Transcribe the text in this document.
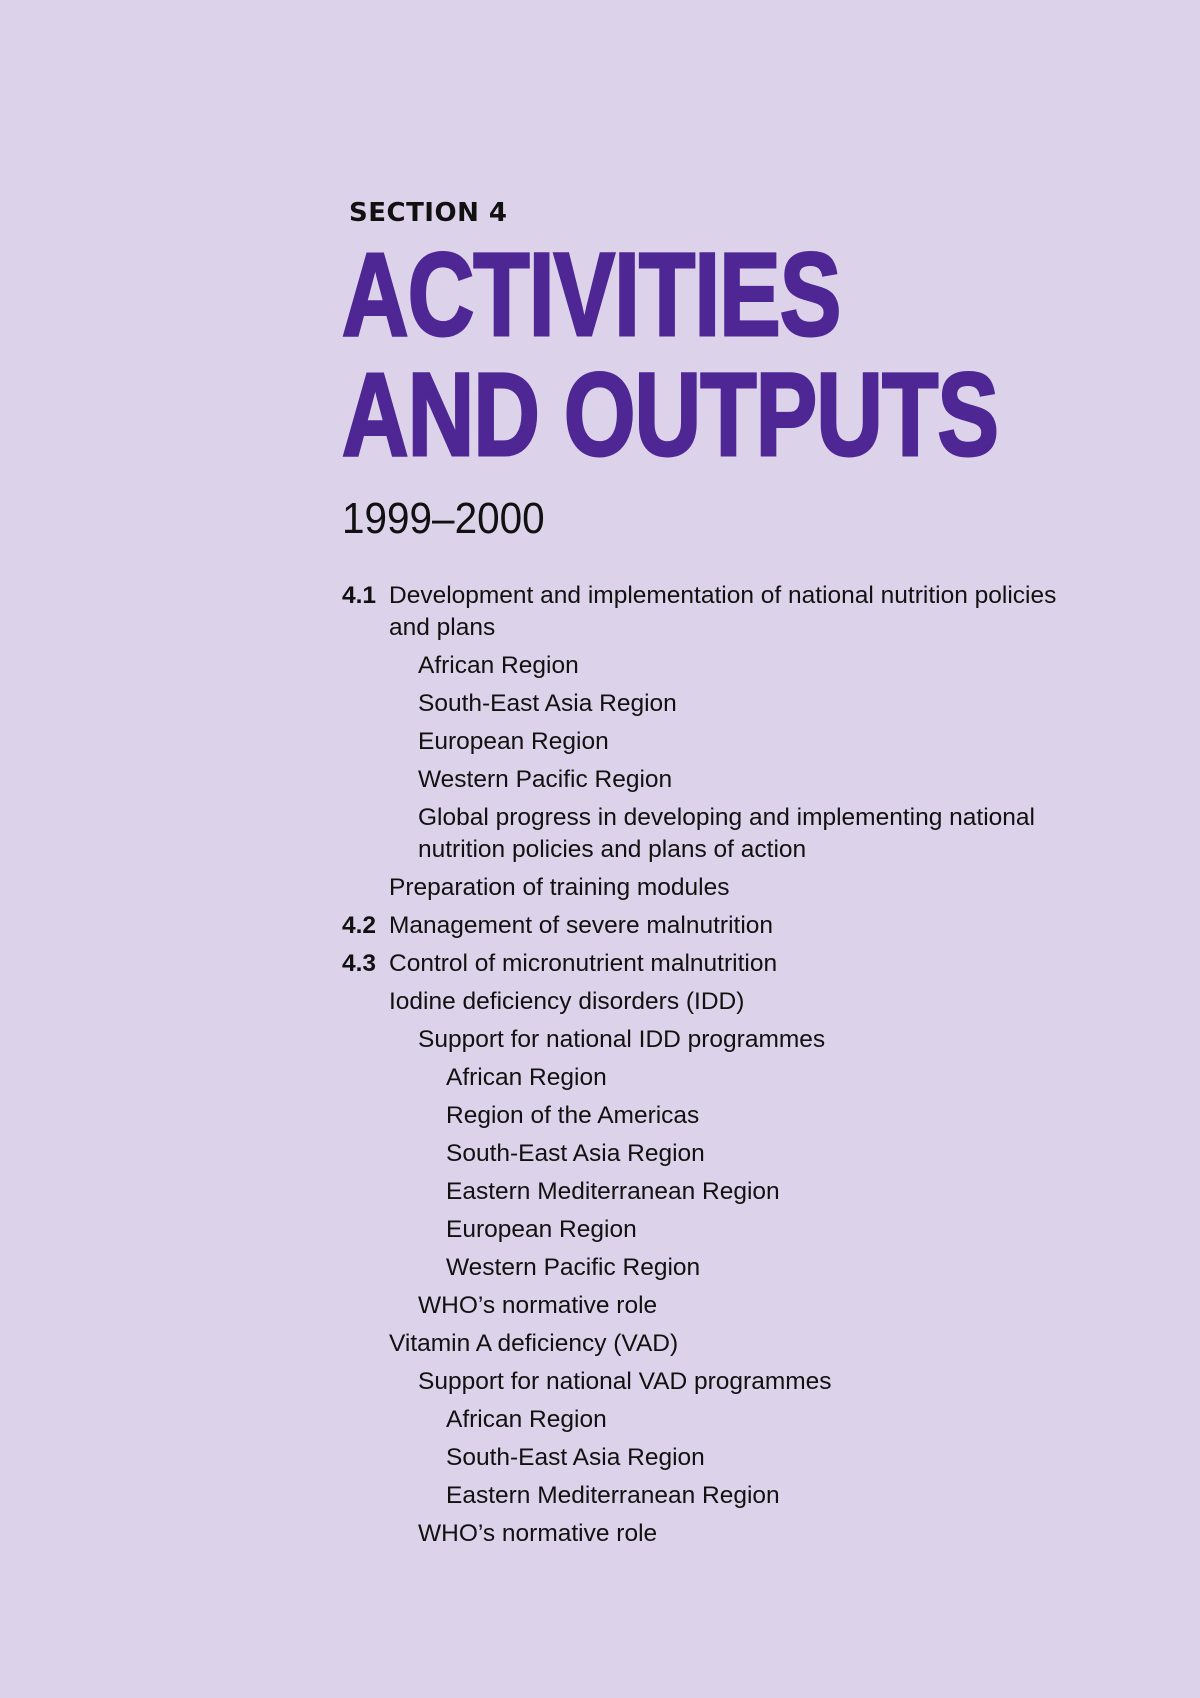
SECTION 4
ACTIVITIES
AND OUTPUTS
1999–2000
4.1 Development and implementation of national nutrition policies
and plans
African Region
South-East Asia Region
European Region
Western Pacific Region
Global progress in developing and implementing national
nutrition policies and plans of action
Preparation of training modules
4.2 Management of severe malnutrition
4.3 Control of micronutrient malnutrition
Iodine deficiency disorders (IDD)
Support for national IDD programmes
African Region
Region of the Americas
South-East Asia Region
Eastern Mediterranean Region
European Region
Western Pacific Region
WHO’s normative role
Vitamin A deficiency (VAD)
Support for national VAD programmes
African Region
South-East Asia Region
Eastern Mediterranean Region
WHO’s normative role
